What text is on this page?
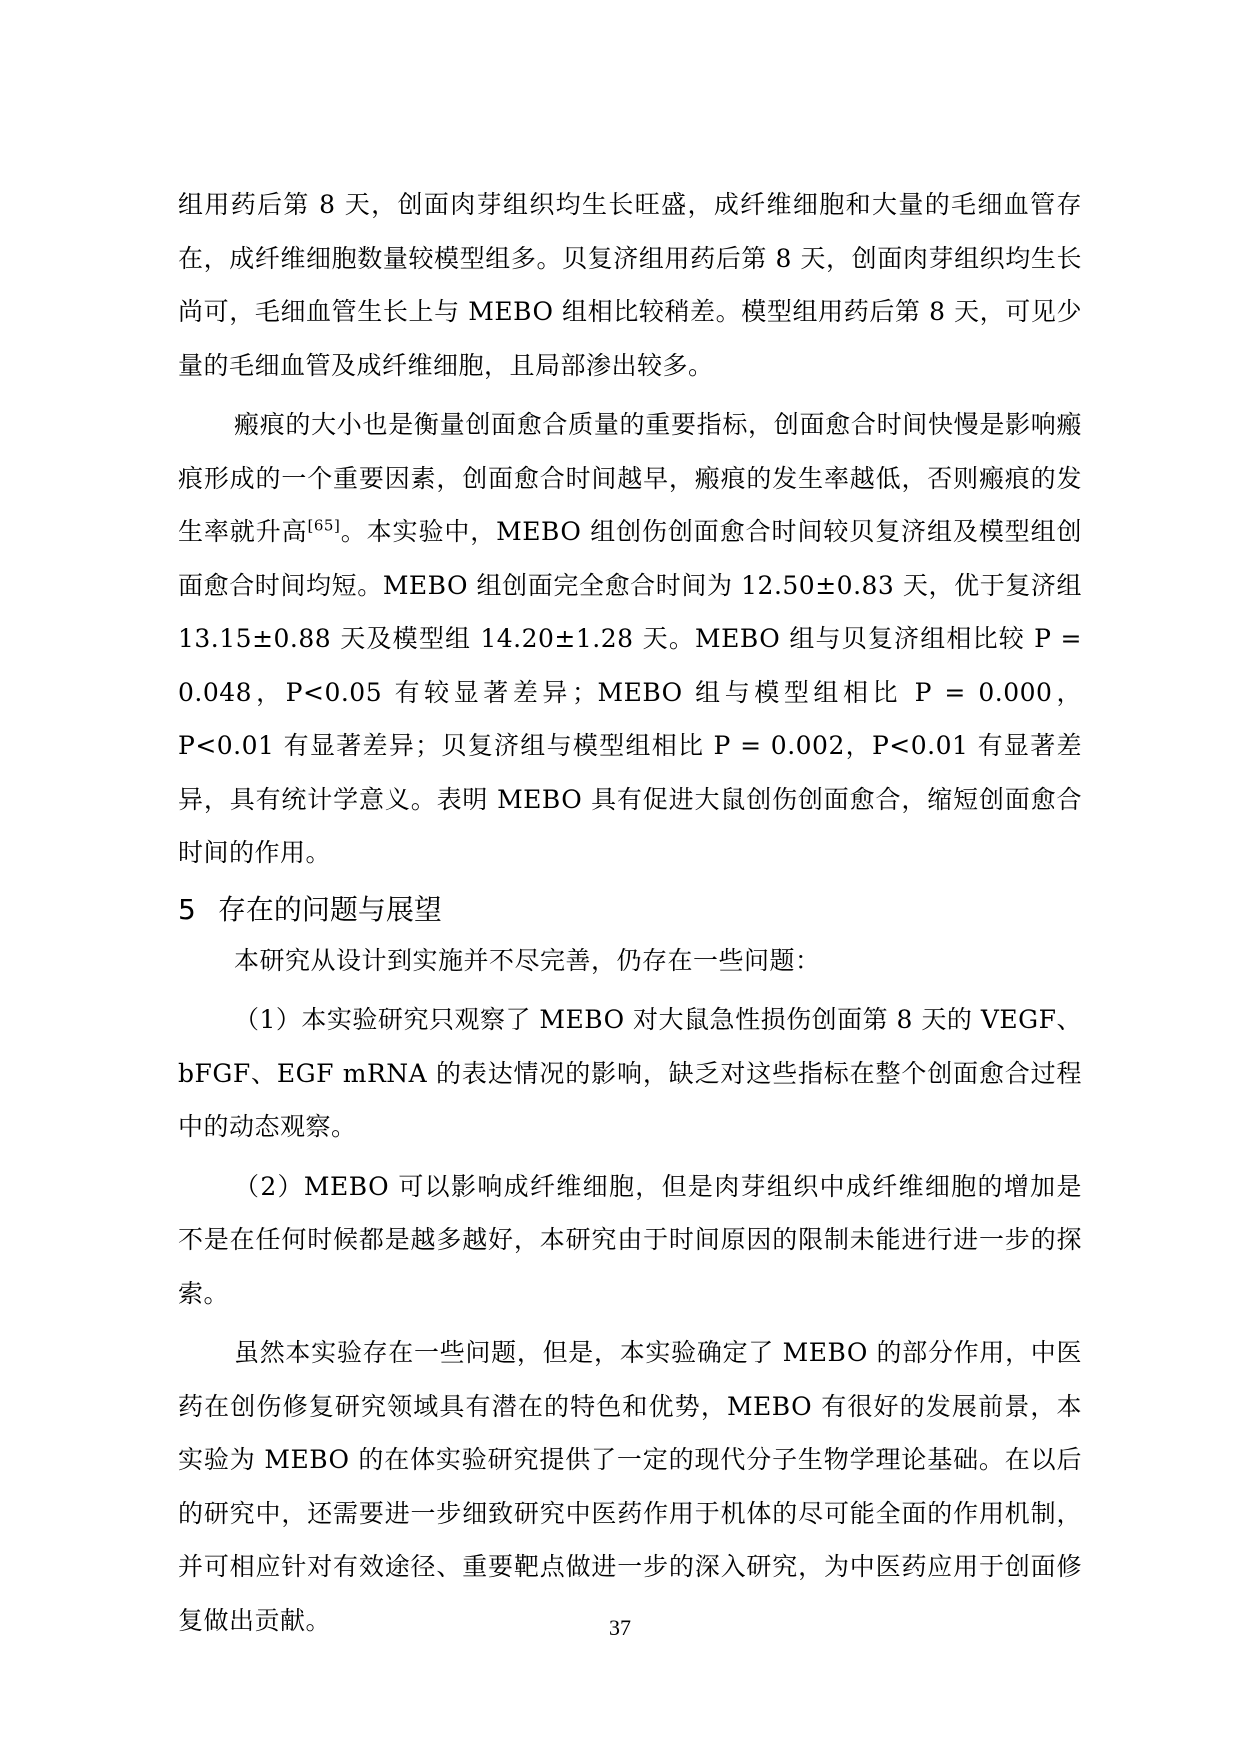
组用药后第 8 天，创面肉芽组织均生长旺盛，成纤维细胞和大量的毛细血管存在，成纤维细胞数量较模型组多。贝复济组用药后第 8 天，创面肉芽组织均生长尚可，毛细血管生长上与 MEBO 组相比较稍差。模型组用药后第 8 天，可见少量的毛细血管及成纤维细胞，且局部渗出较多。

瘢痕的大小也是衡量创面愈合质量的重要指标，创面愈合时间快慢是影响瘢痕形成的一个重要因素，创面愈合时间越早，瘢痕的发生率越低，否则瘢痕的发生率就升高[65]。本实验中，MEBO 组创伤创面愈合时间较贝复济组及模型组创面愈合时间均短。MEBO 组创面完全愈合时间为 12.50±0.83 天，优于复济组 13.15±0.88 天及模型组 14.20±1.28 天。MEBO 组与贝复济组相比较 P = 0.048，P<0.05 有较显著差异；MEBO 组与模型组相比 P = 0.000，P<0.01 有显著差异；贝复济组与模型组相比 P = 0.002，P<0.01 有显著差异，具有统计学意义。表明 MEBO 具有促进大鼠创伤创面愈合，缩短创面愈合时间的作用。

5 存在的问题与展望

本研究从设计到实施并不尽完善，仍存在一些问题：

（1）本实验研究只观察了 MEBO 对大鼠急性损伤创面第 8 天的 VEGF、bFGF、EGF mRNA 的表达情况的影响，缺乏对这些指标在整个创面愈合过程中的动态观察。

（2）MEBO 可以影响成纤维细胞，但是肉芽组织中成纤维细胞的增加是不是在任何时候都是越多越好，本研究由于时间原因的限制未能进行进一步的探索。

虽然本实验存在一些问题，但是，本实验确定了 MEBO 的部分作用，中医药在创伤修复研究领域具有潜在的特色和优势，MEBO 有很好的发展前景，本实验为 MEBO 的在体实验研究提供了一定的现代分子生物学理论基础。在以后的研究中，还需要进一步细致研究中医药作用于机体的尽可能全面的作用机制，并可相应针对有效途径、重要靶点做进一步的深入研究，为中医药应用于创面修复做出贡献。	37
